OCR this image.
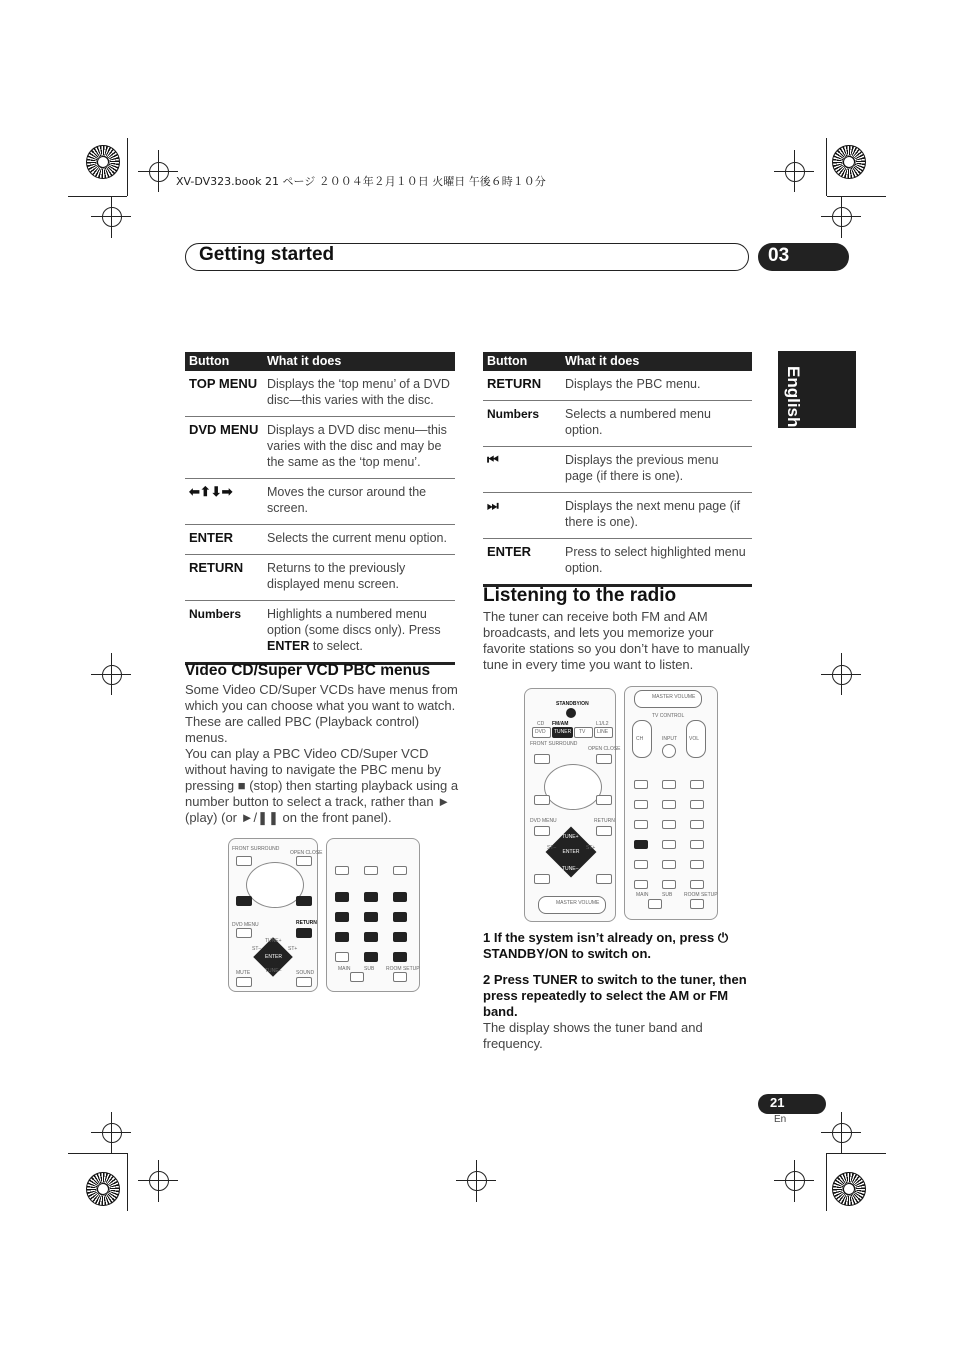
XV-DV323.book 21 ページ ２００４年２月１０日 火曜日 午後６時１０分
Getting started	03
English
Button	What it does
TOP MENU	Displays the ‘top menu’ of a DVD disc—this varies with the disc.
DVD MENU	Displays a DVD disc menu—this varies with the disc and may be the same as the ‘top menu’.
⬅⬆⬇➡	Moves the cursor around the screen.
ENTER	Selects the current menu option.
RETURN	Returns to the previously displayed menu screen.
Numbers	Highlights a numbered menu option (some discs only). Press ENTER to select.
Button	What it does
RETURN	Displays the PBC menu.
Numbers	Selects a numbered menu option.
⏮	Displays the previous menu page (if there is one).
⏭	Displays the next menu page (if there is one).
ENTER	Press to select highlighted menu option.
Video CD/Super VCD PBC menus
Some Video CD/Super VCDs have menus from which you can choose what you want to watch. These are called PBC (Playback control) menus.
You can play a PBC Video CD/Super VCD without having to navigate the PBC menu by pressing ■ (stop) then starting playback using a number button to select a track, rather than ► (play) (or ►/❚❚ on the front panel).
FRONT SURROUND
OPEN CLOSE
DVD MENU	RETURN
ENTER
TUNE+
TUNE–
ST–	ST+
MUTE	SOUND
MAIN	SUB ROOM SETUP
Listening to the radio
The tuner can receive both FM and AM broadcasts, and lets you memorize your favorite stations so you don’t have to manually tune in every time you want to listen.
STANDBY/ON
CD FM/AM	L1/L2
DVD TUNER TV LINE
FRONT SURROUND
OPEN CLOSE
DVD MENU	RETURN
ENTER
TUNE+
TUNE–
ST–	ST+
MASTER VOLUME
MASTER VOLUME
TV CONTROL
CH	INPUT VOL
MAIN	SUB ROOM SETUP
1 If the system isn’t already on, press ⏻ STANDBY/ON to switch on.
2 Press TUNER to switch to the tuner, then press repeatedly to select the AM or FM band.
The display shows the tuner band and frequency.
21
En
